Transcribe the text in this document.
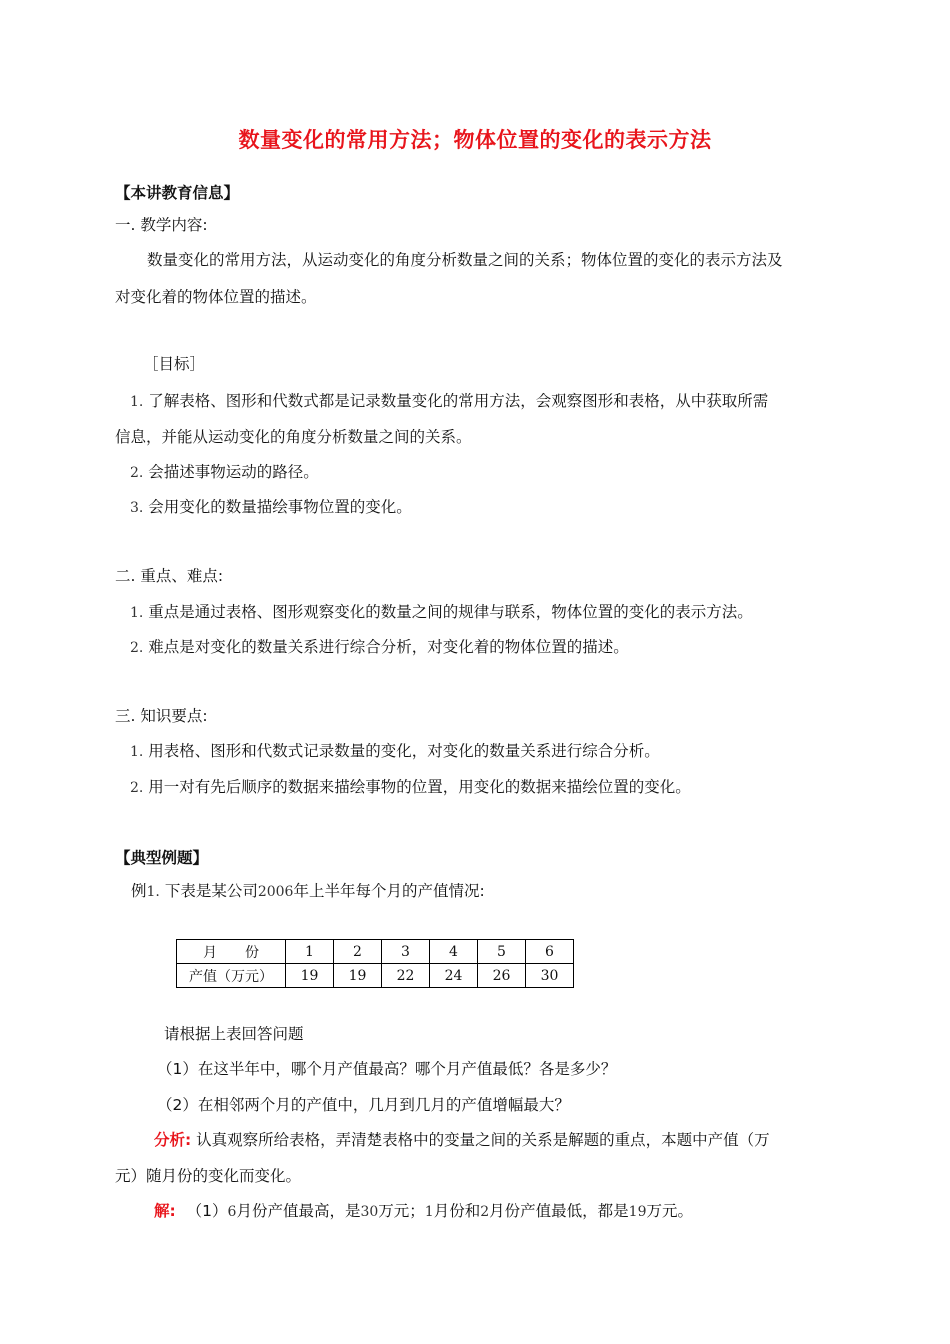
数量变化的常用方法；物体位置的变化的表示方法
【本讲教育信息】
一. 教学内容:
数量变化的常用方法，从运动变化的角度分析数量之间的关系；物体位置的变化的表示方法及
对变化着的物体位置的描述。
［目标］
1. 了解表格、图形和代数式都是记录数量变化的常用方法，会观察图形和表格，从中获取所需
信息，并能从运动变化的角度分析数量之间的关系。
2. 会描述事物运动的路径。
3. 会用变化的数量描绘事物位置的变化。
二. 重点、难点:
1. 重点是通过表格、图形观察变化的数量之间的规律与联系，物体位置的变化的表示方法。
2. 难点是对变化的数量关系进行综合分析，对变化着的物体位置的描述。
三. 知识要点:
1. 用表格、图形和代数式记录数量的变化，对变化的数量关系进行综合分析。
2. 用一对有先后顺序的数据来描绘事物的位置，用变化的数据来描绘位置的变化。
【典型例题】
例1. 下表是某公司2006年上半年每个月的产值情况:
月　　份	1	2	3	4	5	6
产值（万元）	19	19	22	24	26	30
请根据上表回答问题
（1）在这半年中，哪个月产值最高？哪个月产值最低？各是多少？
（2）在相邻两个月的产值中，几月到几月的产值增幅最大？
分析: 认真观察所给表格，弄清楚表格中的变量之间的关系是解题的重点，本题中产值（万
元）随月份的变化而变化。
解: （1）6月份产值最高，是30万元；1月份和2月份产值最低，都是19万元。
